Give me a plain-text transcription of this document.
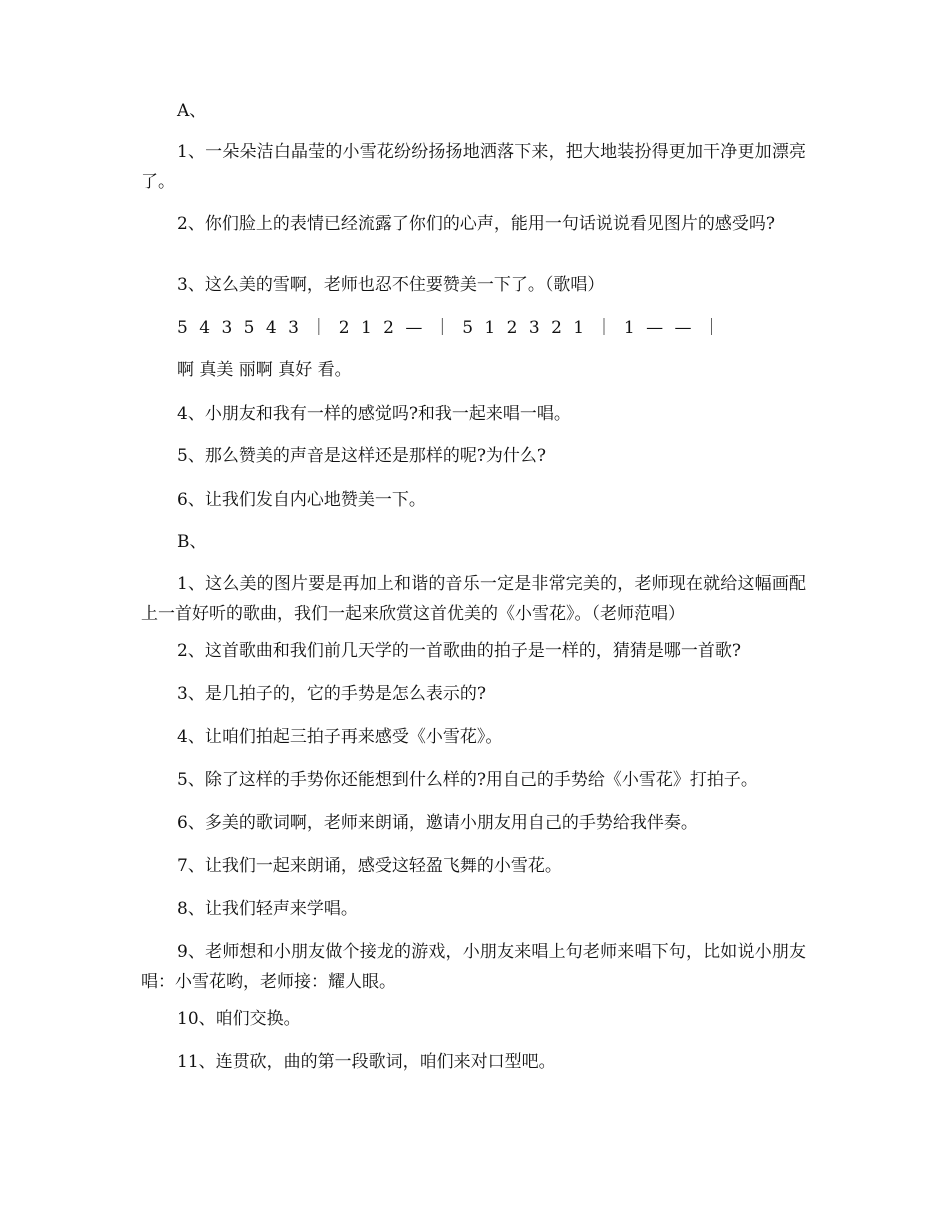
A、

1、一朵朵洁白晶莹的小雪花纷纷扬扬地洒落下来，把大地装扮得更加干净更加漂亮了。

2、你们脸上的表情已经流露了你们的心声，能用一句话说说看见图片的感受吗?

3、这么美的雪啊，老师也忍不住要赞美一下了。（歌唱）

5 4 3 5 4 3 ｜ 2 1 2 — ｜ 5 1 2 3 2 1 ｜ 1 — — ｜

啊 真美 丽啊 真好 看。

4、小朋友和我有一样的感觉吗?和我一起来唱一唱。

5、那么赞美的声音是这样还是那样的呢?为什么?

6、让我们发自内心地赞美一下。

B、

1、这么美的图片要是再加上和谐的音乐一定是非常完美的，老师现在就给这幅画配上一首好听的歌曲，我们一起来欣赏这首优美的《小雪花》。（老师范唱）

2、这首歌曲和我们前几天学的一首歌曲的拍子是一样的，猜猜是哪一首歌?

3、是几拍子的，它的手势是怎么表示的?

4、让咱们拍起三拍子再来感受《小雪花》。

5、除了这样的手势你还能想到什么样的?用自己的手势给《小雪花》打拍子。

6、多美的歌词啊，老师来朗诵，邀请小朋友用自己的手势给我伴奏。

7、让我们一起来朗诵，感受这轻盈飞舞的小雪花。

8、让我们轻声来学唱。

9、老师想和小朋友做个接龙的游戏，小朋友来唱上句老师来唱下句，比如说小朋友唱：小雪花哟，老师接：耀人眼。

10、咱们交换。

11、连贯砍，曲的第一段歌词，咱们来对口型吧。
